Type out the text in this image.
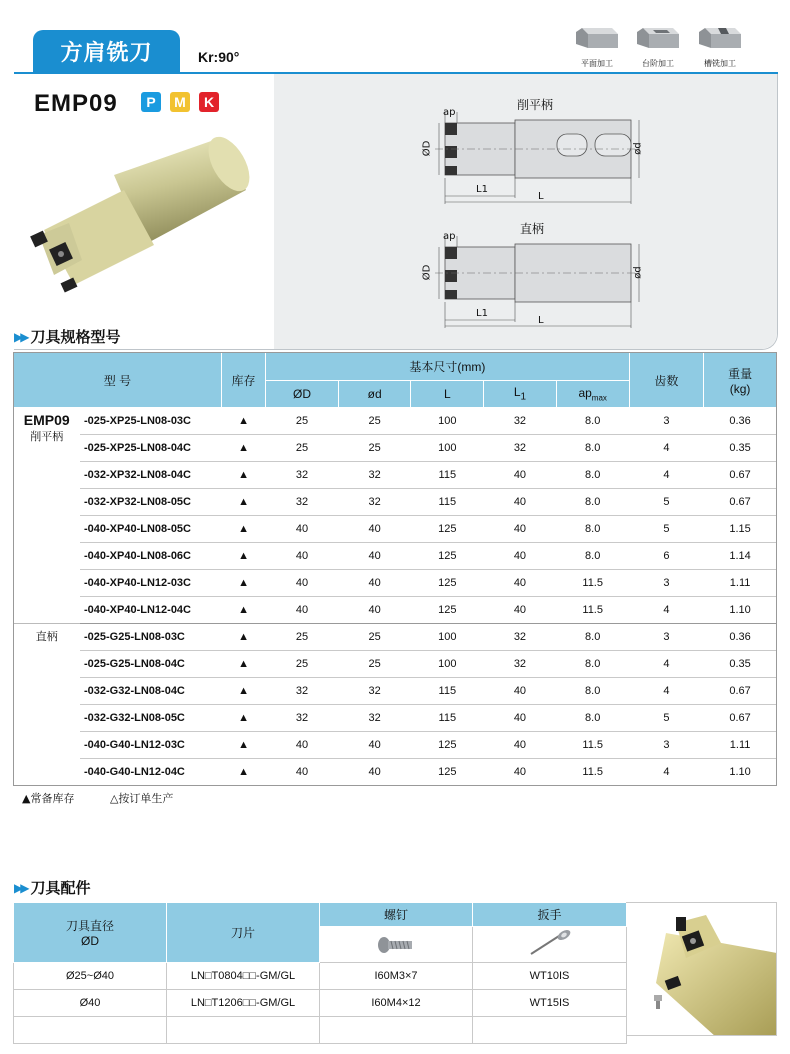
方肩铣刀	Kr:90°	平面加工	台阶加工	槽铣加工
EMP09	P	M	K	削平柄
ap
ØD	ød
L1
L
直柄
ap
ØD	ød
L1
L
▶▶ 刀具规格型号
型 号		库存	基本尺寸(mm)					齿数	重量
(kg)
			ØD	ød	L	$L_1$	$ap_{max}$

EMP09
削平柄	-025-XP25-LN08-03C	▲	25	25	100	32	8.0	3	0.36
	-025-XP25-LN08-04C	▲	25	25	100	32	8.0	4	0.35
	-032-XP32-LN08-04C	▲	32	32	115	40	8.0	4	0.67
	-032-XP32-LN08-05C	▲	32	32	115	40	8.0	5	0.67
	-040-XP40-LN08-05C	▲	40	40	125	40	8.0	5	1.15
	-040-XP40-LN08-06C	▲	40	40	125	40	8.0	6	1.14
	-040-XP40-LN12-03C	▲	40	40	125	40	11.5	3	1.11
	-040-XP40-LN12-04C	▲	40	40	125	40	11.5	4	1.10

直柄	-025-G25-LN08-03C	▲	25	25	100	32	8.0	3	0.36
	-025-G25-LN08-04C	▲	25	25	100	32	8.0	4	0.35
	-032-G32-LN08-04C	▲	32	32	115	40	8.0	4	0.67
	-032-G32-LN08-05C	▲	32	32	115	40	8.0	5	0.67
	-040-G40-LN12-03C	▲	40	40	125	40	11.5	3	1.11
	-040-G40-LN12-04C	▲	40	40	125	40	11.5	4	1.10
▲常备库存	△按订单生产
▶▶ 刀具配件
刀具直径
ØD	刀片	螺钉	扳手

Ø25~Ø40	LN□T0804□□-GM/GL	I60M3×7	WT10IS
Ø40	LN□T1206□□-GM/GL	I60M4×12	WT15IS
